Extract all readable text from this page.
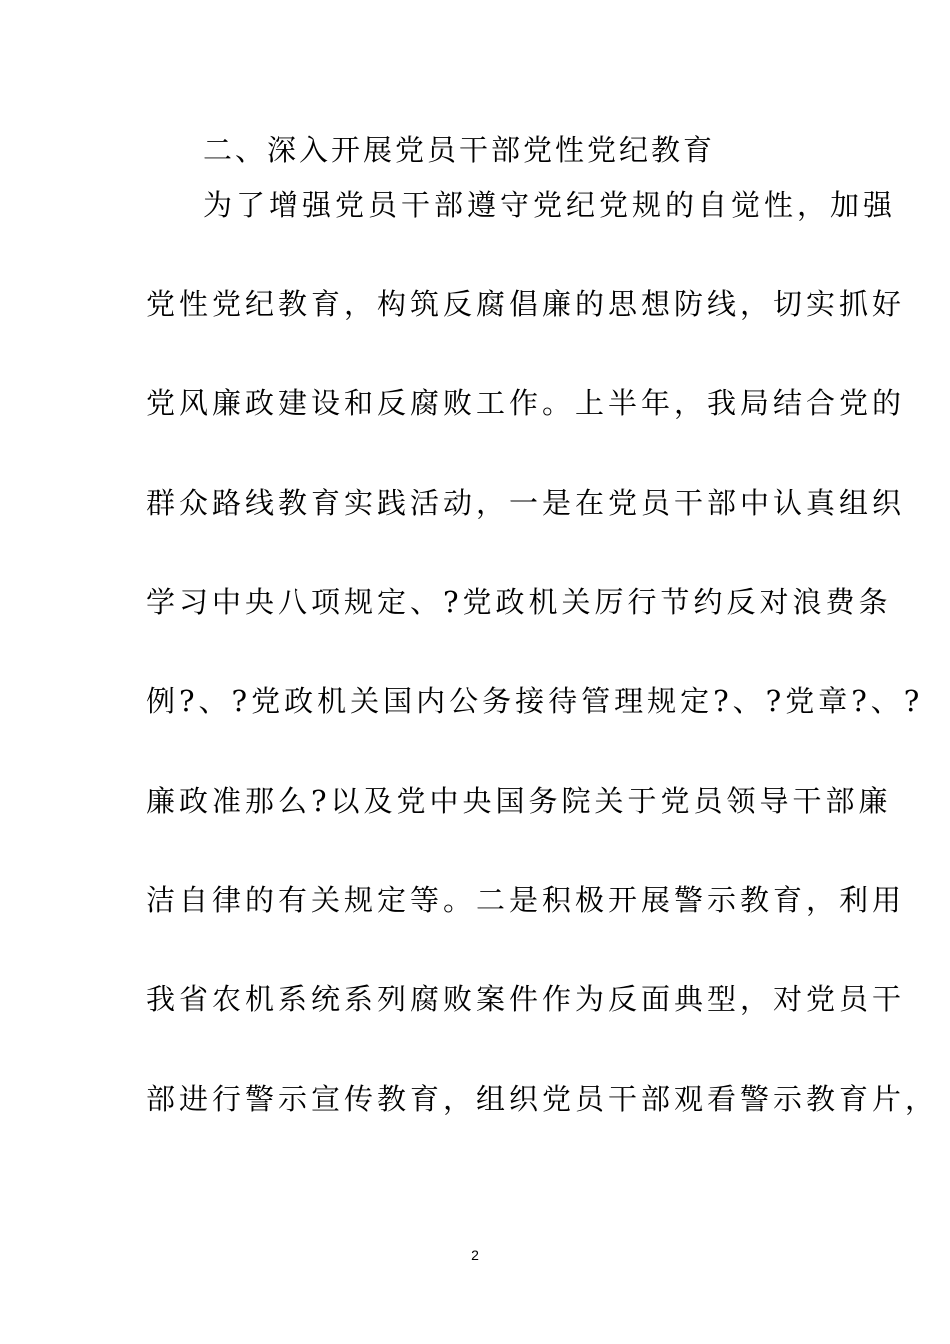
二、深入开展党员干部党性党纪教育
为了增强党员干部遵守党纪党规的自觉性，加强
党性党纪教育，构筑反腐倡廉的思想防线，切实抓好
党风廉政建设和反腐败工作。上半年，我局结合党的
群众路线教育实践活动，一是在党员干部中认真组织
学习中央八项规定、?党政机关厉行节约反对浪费条
例?、?党政机关国内公务接待管理规定?、?党章?、?
廉政准那么?以及党中央国务院关于党员领导干部廉
洁自律的有关规定等。二是积极开展警示教育，利用
我省农机系统系列腐败案件作为反面典型，对党员干
部进行警示宣传教育，组织党员干部观看警示教育片，
2
